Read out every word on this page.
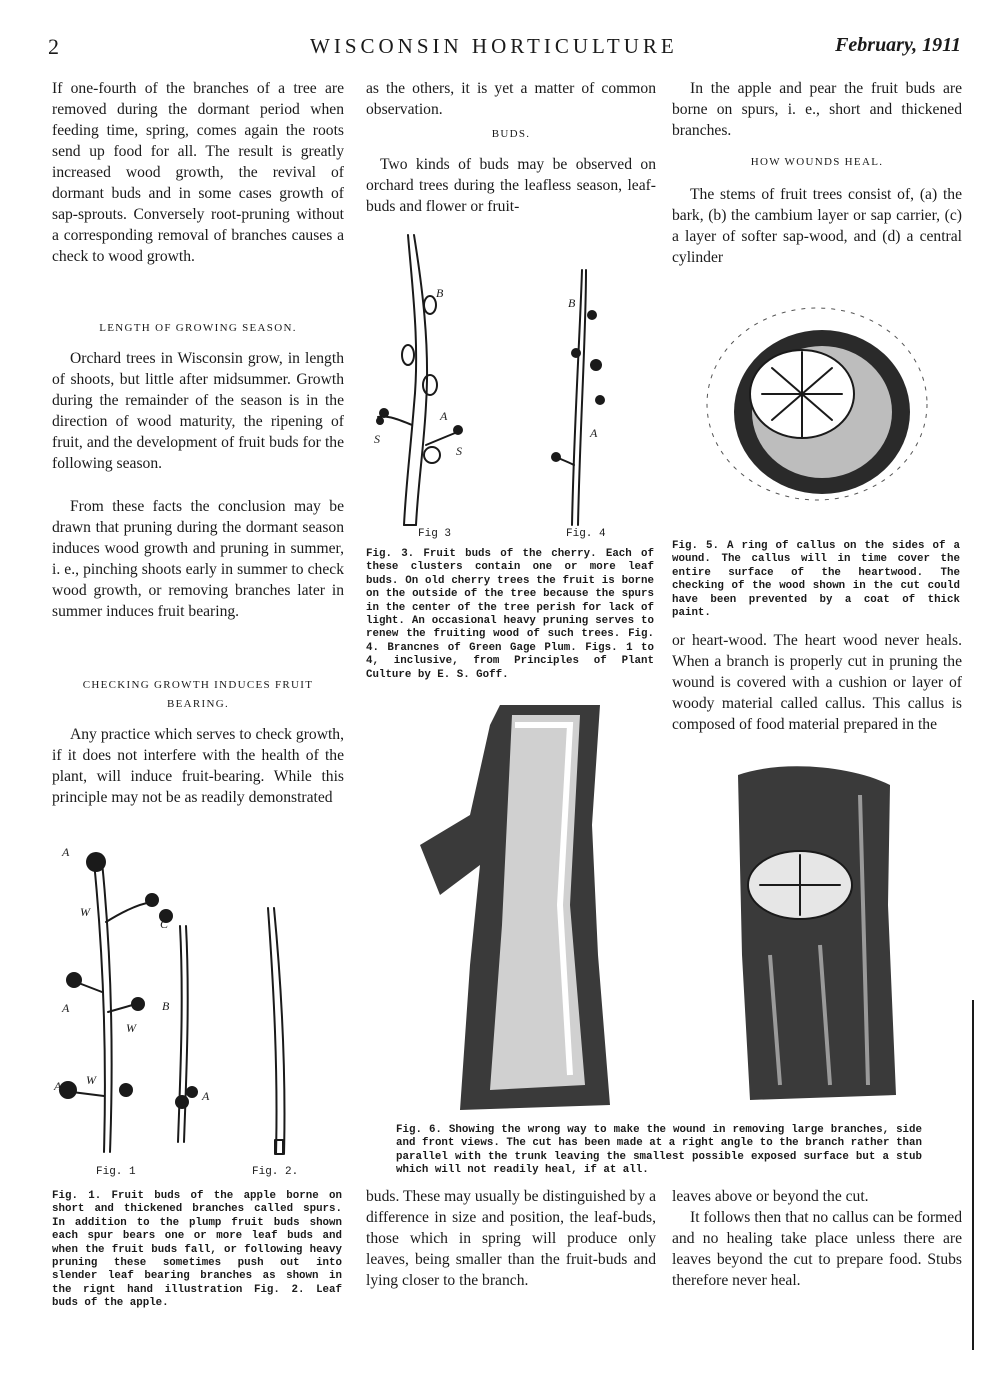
2	WISCONSIN HORTICULTURE	February, 1911
If one-fourth of the branches of a tree are removed during the dormant period when feeding time, spring, comes again the roots send up food for all. The result is greatly increased wood growth, the revival of dormant buds and in some cases growth of sap-sprouts. Conversely root-pruning without a corresponding removal of branches causes a check to wood growth.
LENGTH OF GROWING SEASON.
Orchard trees in Wisconsin grow, in length of shoots, but little after midsummer. Growth during the remainder of the season is in the direction of wood maturity, the ripening of fruit, and the development of fruit buds for the following season.
From these facts the conclusion may be drawn that pruning during the dormant season induces wood growth and pruning in summer, i. e., pinching shoots early in summer to check wood growth, or removing branches later in summer induces fruit bearing.
CHECKING GROWTH INDUCES FRUIT BEARING.
Any practice which serves to check growth, if it does not interfere with the health of the plant, will induce fruit-bearing. While this principle may not be as readily demonstrated
as the others, it is yet a matter of common observation.
BUDS.
Two kinds of buds may be observed on orchard trees during the leafless season, leaf-buds and flower or fruit-
In the apple and pear the fruit buds are borne on spurs, i. e., short and thickened branches.
HOW WOUNDS HEAL.
The stems of fruit trees consist of, (a) the bark, (b) the cambium layer or sap carrier, (c) a layer of softer sap-wood, and (d) a central cylinder
B
A
S
S
B
A
Fig 3	Fig. 4
Fig. 3. Fruit buds of the cherry. Each of these clusters contain one or more leaf buds. On old cherry trees the fruit is borne on the outside of the tree because the spurs in the center of the tree perish for lack of light. An occasional heavy pruning serves to renew the fruiting wood of such trees. Fig. 4. Brancnes of Green Gage Plum. Figs. 1 to 4, inclusive, from Principles of Plant Culture by E. S. Goff.
Fig. 5. A ring of callus on the sides of a wound. The callus will in time cover the entire surface of the heartwood. The checking of the wood shown in the cut could have been prevented by a coat of thick paint.
or heart-wood. The heart wood never heals. When a branch is properly cut in pruning the wound is covered with a cushion or layer of woody material called callus. This callus is composed of food material prepared in the
Fig. 6. Showing the wrong way to make the wound in removing large branches, side and front views. The cut has been made at a right angle to the branch rather than parallel with the trunk leaving the smallest possible exposed surface but a stub which will not readily heal, if at all.
A
W
C
A	B
W
A W
A
Fig. 1	Fig. 2.
Fig. 1. Fruit buds of the apple borne on short and thickened branches called spurs. In addition to the plump fruit buds shown each spur bears one or more leaf buds and when the fruit buds fall, or following heavy pruning these sometimes push out into slender leaf bearing branches as shown in the rignt hand illustration Fig. 2. Leaf buds of the apple.
buds. These may usually be distinguished by a difference in size and position, the leaf-buds, those which in spring will produce only leaves, being smaller than the fruit-buds and lying closer to the branch.
leaves above or beyond the cut.
It follows then that no callus can be formed and no healing take place unless there are leaves beyond the cut to prepare food. Stubs therefore never heal.
